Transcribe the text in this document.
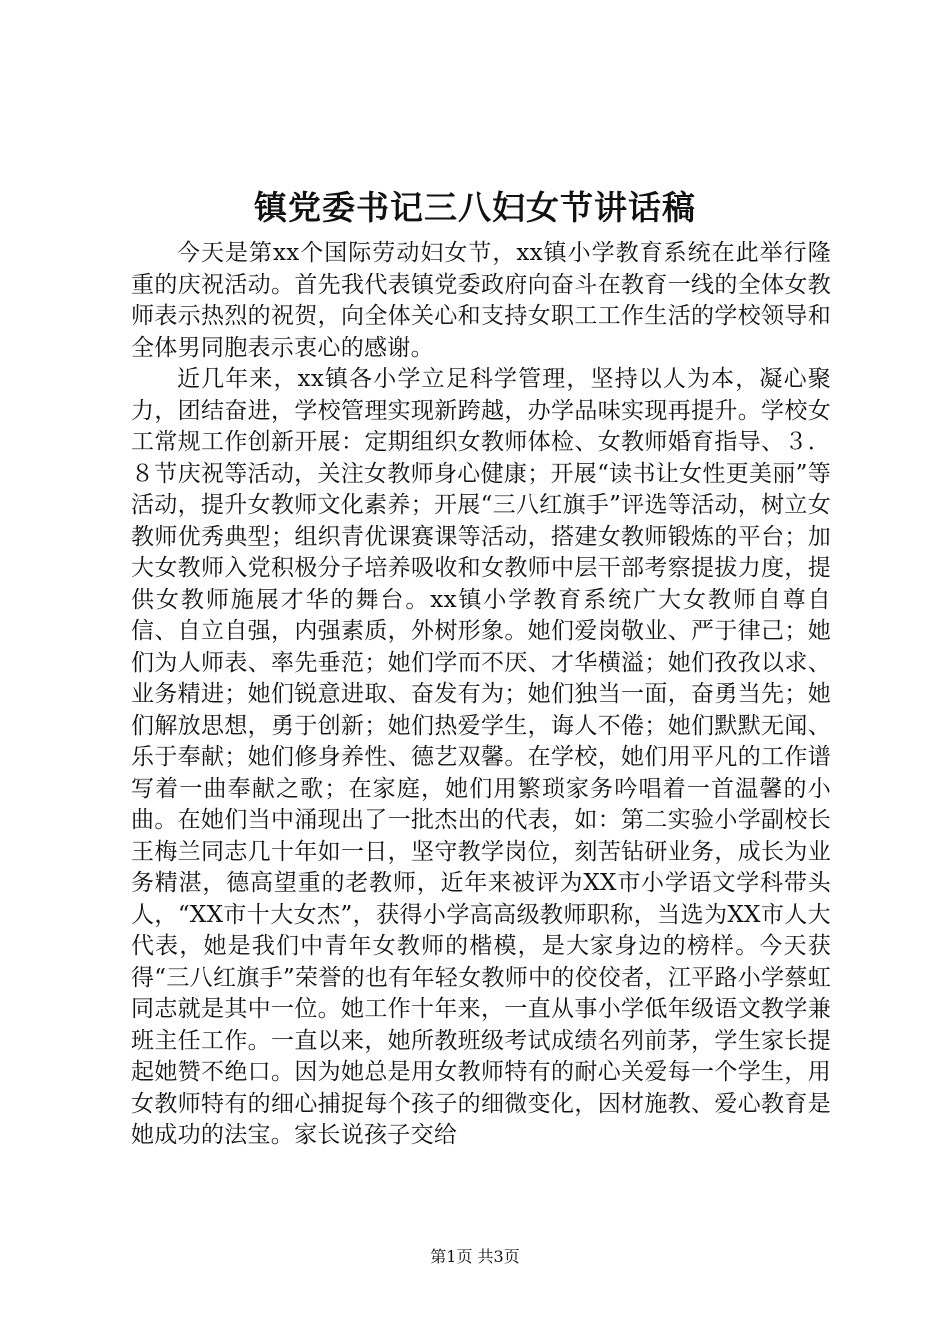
镇党委书记三八妇女节讲话稿

今天是第xx个国际劳动妇女节，xx镇小学教育系统在此举行隆重的庆祝活动。首先我代表镇党委政府向奋斗在教育一线的全体女教师表示热烈的祝贺，向全体关心和支持女职工工作生活的学校领导和全体男同胞表示衷心的感谢。

近几年来，xx镇各小学立足科学管理，坚持以人为本，凝心聚力，团结奋进，学校管理实现新跨越，办学品味实现再提升。学校女工常规工作创新开展：定期组织女教师体检、女教师婚育指导、３．８节庆祝等活动，关注女教师身心健康；开展“读书让女性更美丽”等活动，提升女教师文化素养；开展“三八红旗手”评选等活动，树立女教师优秀典型；组织青优课赛课等活动，搭建女教师锻炼的平台；加大女教师入党积极分子培养吸收和女教师中层干部考察提拔力度，提供女教师施展才华的舞台。xx镇小学教育系统广大女教师自尊自信、自立自强，内强素质，外树形象。她们爱岗敬业、严于律己；她们为人师表、率先垂范；她们学而不厌、才华横溢；她们孜孜以求、业务精进；她们锐意进取、奋发有为；她们独当一面，奋勇当先；她们解放思想，勇于创新；她们热爱学生，诲人不倦；她们默默无闻、乐于奉献；她们修身养性、德艺双馨。在学校，她们用平凡的工作谱写着一曲奉献之歌；在家庭，她们用繁琐家务吟唱着一首温馨的小曲。在她们当中涌现出了一批杰出的代表，如：第二实验小学副校长王梅兰同志几十年如一日，坚守教学岗位，刻苦钻研业务，成长为业务精湛，德高望重的老教师，近年来被评为XX市小学语文学科带头人，“XX市十大女杰”，获得小学高高级教师职称，当选为XX市人大代表，她是我们中青年女教师的楷模，是大家身边的榜样。今天获得“三八红旗手”荣誉的也有年轻女教师中的佼佼者，江平路小学蔡虹同志就是其中一位。她工作十年来，一直从事小学低年级语文教学兼班主任工作。一直以来，她所教班级考试成绩名列前茅，学生家长提起她赞不绝口。因为她总是用女教师特有的耐心关爱每一个学生，用女教师特有的细心捕捉每个孩子的细微变化，因材施教、爱心教育是她成功的法宝。家长说孩子交给

第1页 共3页
